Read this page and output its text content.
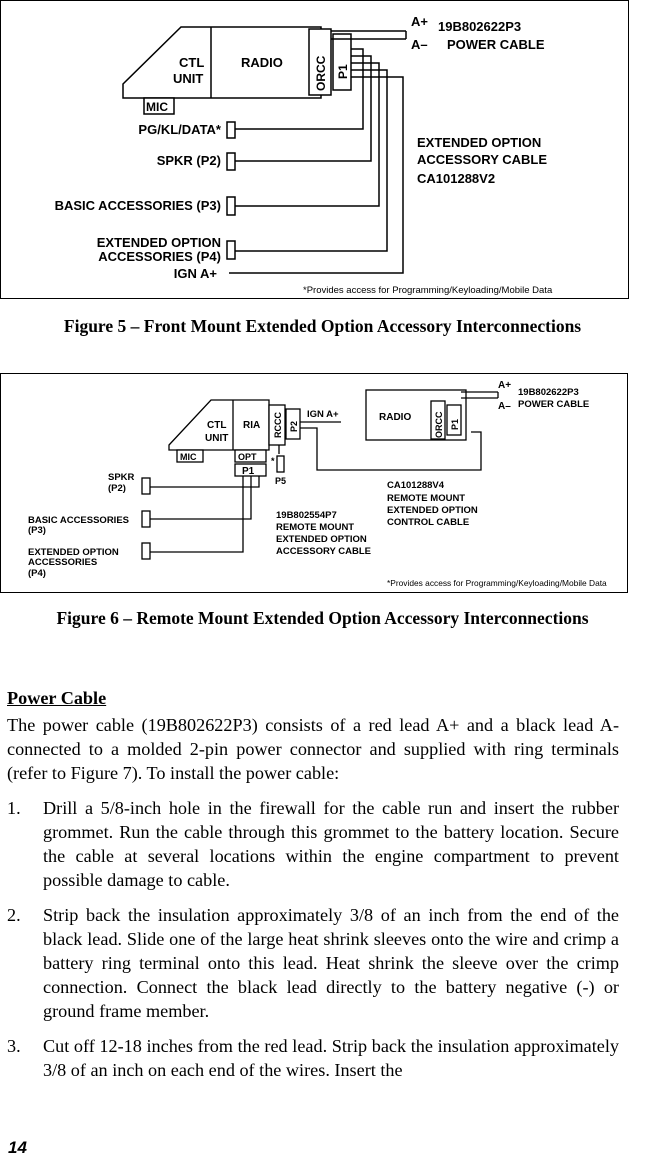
CTL
UNIT
RADIO	ORCC P1
MIC
A+
A–
19B802622P3
POWER CABLE
PG/KL/DATA*
SPKR (P2)
BASIC ACCESSORIES (P3)
EXTENDED OPTION
ACCESSORIES (P4)
IGN A+
EXTENDED OPTION
ACCESSORY CABLE
CA101288V2
*Provides access for Programming/Keyloading/Mobile Data
Figure 5 – Front Mount Extended Option Accessory Interconnections
CTL
UNIT
RIA RCCC P2
OPT
P1
MIC
IGN A+
*
P5
RADIO	ORCC P1
A+
A–
19B802622P3
POWER CABLE
SPKR
(P2)
BASIC ACCESSORIES
(P3)
EXTENDED OPTION
ACCESSORIES
(P4)
19B802554P7
REMOTE MOUNT
EXTENDED OPTION
ACCESSORY CABLE
CA101288V4
REMOTE MOUNT
EXTENDED OPTION
CONTROL CABLE
*Provides access for Programming/Keyloading/Mobile Data
Figure 6 – Remote Mount Extended Option Accessory Interconnections
Power Cable

The power cable (19B802622P3) consists of a red lead A+ and a black lead A- connected to a molded 2-pin power connector and supplied with ring terminals (refer to Figure 7). To install the power cable:

1.	Drill a 5/8-inch hole in the firewall for the cable run and insert the rubber grommet. Run the cable through this grommet to the battery location. Secure the cable at several locations within the engine compartment to prevent possible damage to cable.
2.	Strip back the insulation approximately 3/8 of an inch from the end of the black lead. Slide one of the large heat shrink sleeves onto the wire and crimp a battery ring terminal onto this lead. Heat shrink the sleeve over the crimp connection. Connect the black lead directly to the battery negative (-) or ground frame member.
3.	Cut off 12-18 inches from the red lead. Strip back the insulation approximately 3/8 of an inch on each end of the wires. Insert the
14
